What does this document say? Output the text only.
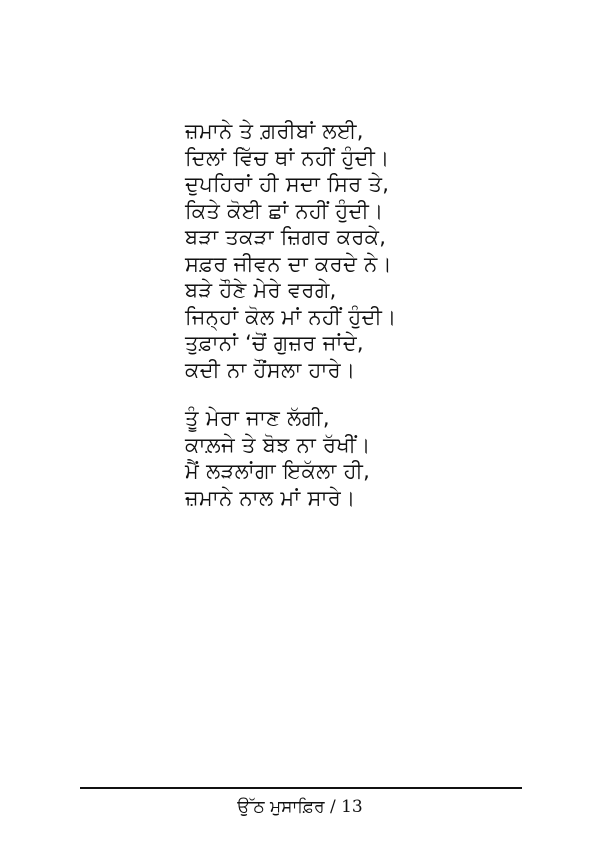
ਜ਼ਮਾਨੇ ਤੇ ਗ਼ਰੀਬਾਂ ਲਈ,
ਦਿਲਾਂ ਵਿੱਚ ਥਾਂ ਨਹੀਂ ਹੁੰਦੀ।
ਦੁਪਹਿਰਾਂ ਹੀ ਸਦਾ ਸਿਰ ਤੇ,
ਕਿਤੇ ਕੋਈ ਛਾਂ ਨਹੀਂ ਹੁੰਦੀ।
ਬੜਾ ਤਕੜਾ ਜ਼ਿਗਰ ਕਰਕੇ,
ਸਫ਼ਰ ਜੀਵਨ ਦਾ ਕਰਦੇ ਨੇ।
ਬੜੇ ਹੌਣੇ ਮੇਰੇ ਵਰਗੇ,
ਜਿਨ੍ਹਾਂ ਕੋਲ ਮਾਂ ਨਹੀਂ ਹੁੰਦੀ।
ਤੁਫ਼ਾਨਾਂ ‘ਚੋਂ ਗੁਜ਼ਰ ਜਾਂਦੇ,
ਕਦੀ ਨਾ ਹੌਂਸਲਾ ਹਾਰੇ।
ਤੂੰ ਮੇਰਾ ਜਾਣ ਲੱਗੀ,
ਕਾਲ਼ਜੇ ਤੇ ਬੋਝ ਨਾ ਰੱਖੀਂ।
ਮੈਂ ਲੜਲਾਂਗਾ ਇਕੱਲਾ ਹੀ,
ਜ਼ਮਾਨੇ ਨਾਲ ਮਾਂ ਸਾਰੇ।
ਉੱਠ ਮੁਸਾਫ਼ਿਰ / 13
